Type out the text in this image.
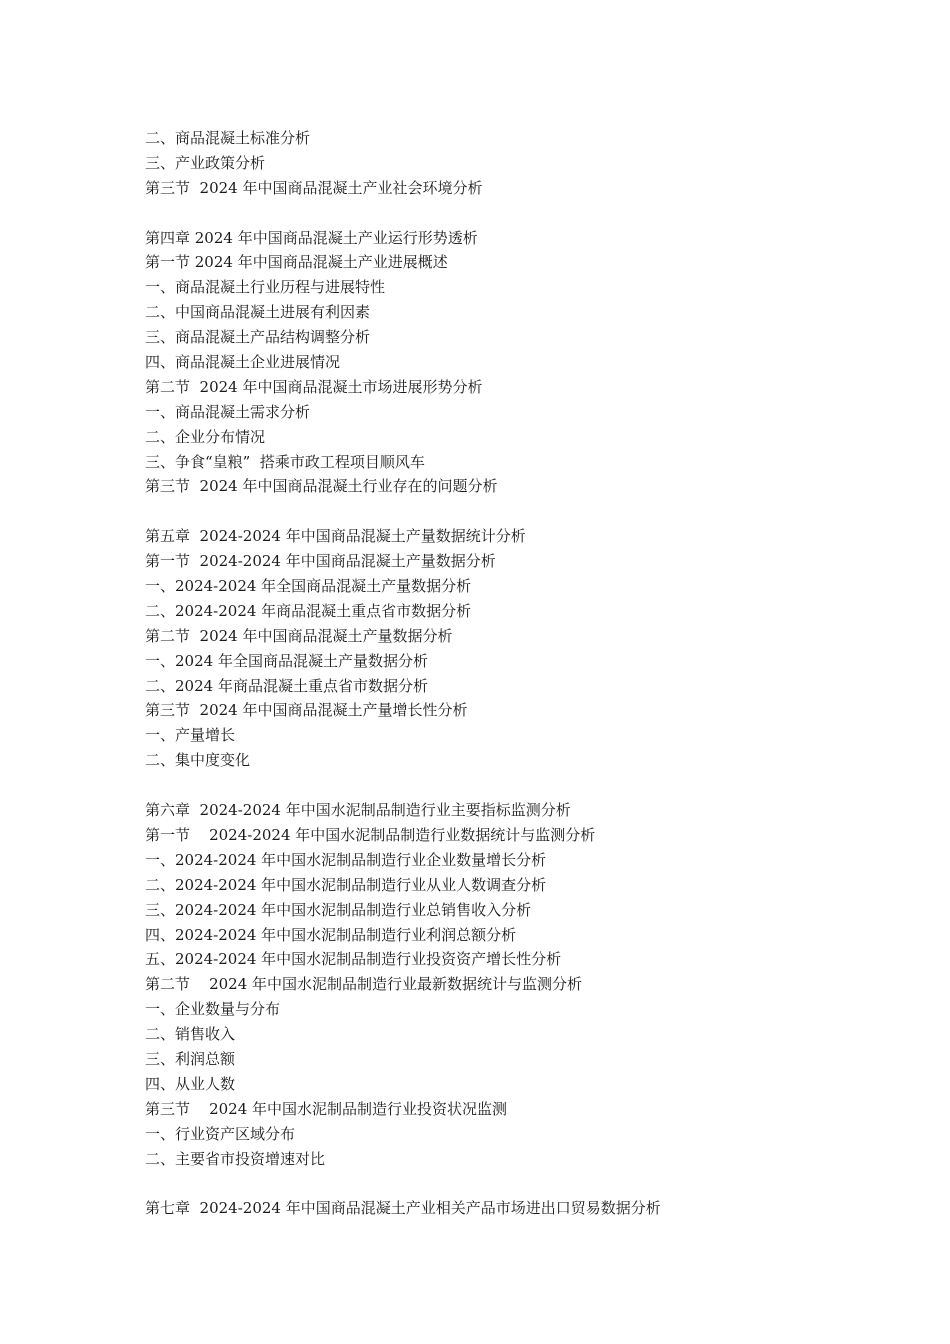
二、商品混凝土标准分析
三、产业政策分析
第三节  2024 年中国商品混凝土产业社会环境分析
第四章 2024 年中国商品混凝土产业运行形势透析
第一节 2024 年中国商品混凝土产业进展概述
一、商品混凝土行业历程与进展特性
二、中国商品混凝土进展有利因素
三、商品混凝土产品结构调整分析
四、商品混凝土企业进展情况
第二节  2024 年中国商品混凝土市场进展形势分析
一、商品混凝土需求分析
二、企业分布情况
三、争食“皇粮”  搭乘市政工程项目顺风车
第三节  2024 年中国商品混凝土行业存在的问题分析
第五章  2024-2024 年中国商品混凝土产量数据统计分析
第一节  2024-2024 年中国商品混凝土产量数据分析
一、2024-2024 年全国商品混凝土产量数据分析
二、2024-2024 年商品混凝土重点省市数据分析
第二节  2024 年中国商品混凝土产量数据分析
一、2024 年全国商品混凝土产量数据分析
二、2024 年商品混凝土重点省市数据分析
第三节  2024 年中国商品混凝土产量增长性分析
一、产量增长
二、集中度变化
第六章  2024-2024 年中国水泥制品制造行业主要指标监测分析
第一节    2024-2024 年中国水泥制品制造行业数据统计与监测分析
一、2024-2024 年中国水泥制品制造行业企业数量增长分析
二、2024-2024 年中国水泥制品制造行业从业人数调查分析
三、2024-2024 年中国水泥制品制造行业总销售收入分析
四、2024-2024 年中国水泥制品制造行业利润总额分析
五、2024-2024 年中国水泥制品制造行业投资资产增长性分析
第二节    2024 年中国水泥制品制造行业最新数据统计与监测分析
一、企业数量与分布
二、销售收入
三、利润总额
四、从业人数
第三节    2024 年中国水泥制品制造行业投资状况监测
一、行业资产区域分布
二、主要省市投资增速对比
第七章  2024-2024 年中国商品混凝土产业相关产品市场进出口贸易数据分析
